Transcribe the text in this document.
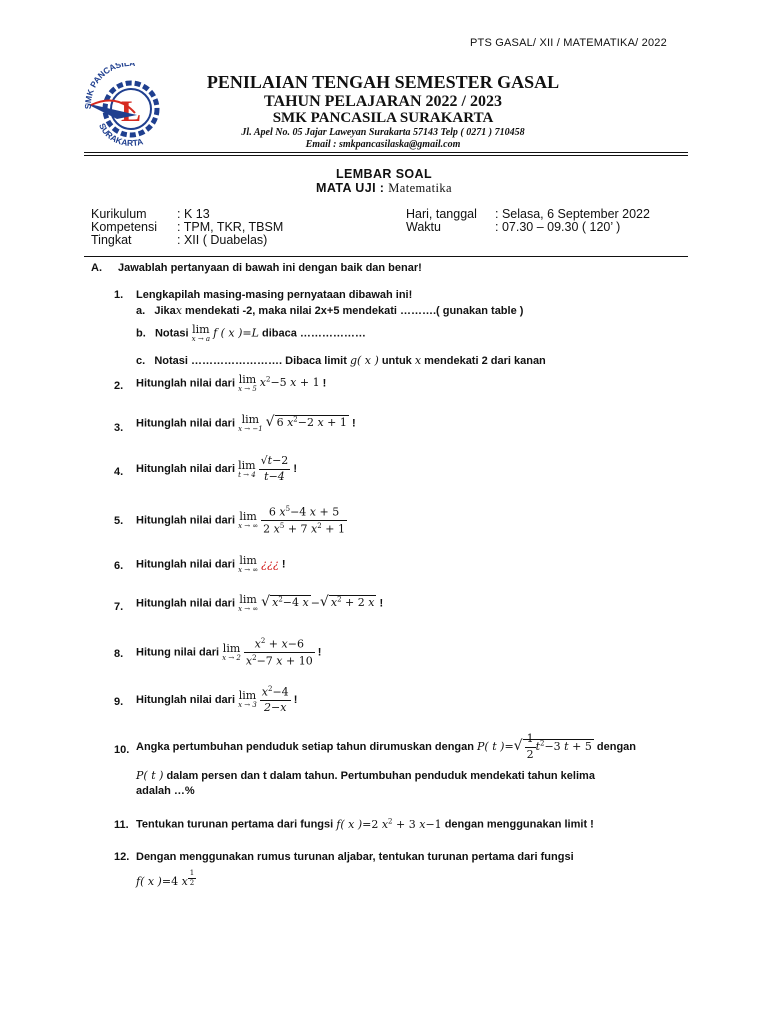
PTS GASAL/ XII / MATEMATIKA/ 2022
L
SMK PANCASIL
SURAKARTA
PENILAIAN TENGAH SEMESTER GASAL
TAHUN PELAJARAN 2022 / 2023
SMK PANCASILA SURAKARTA
Jl. Apel No. 05 Jajar Laweyan Surakarta 57143 Telp ( 0271 ) 710458
Email : smkpancasilaska@gmail.com
LEMBAR SOAL
MATA UJI : Matematika
Kurikulum : K 13
Kompetensi : TPM, TKR, TBSM
Tingkat	: XII ( Duabelas)
Hari, tanggal : Selasa, 6 September 2022
Waktu	: 07.30 – 09.30 ( 120’ )
A. Jawablah pertanyaan di bawah ini dengan baik dan benar!
1. Lengkapilah masing-masing pernyataan dibawah ini!
a. Jikax mendekati -2, maka nilai 2x+5 mendekati ……….( gunakan table )
b. Notasi lim
x → a f ( x )=L dibaca ………………
c. Notasi ……………………. Dibaca limit g( x ) untuk x mendekati 2 dari kanan
2. Hitunglah nilai dari lim
x → 5 $x^2-5$ x + 1 !
3. Hitunglah nilai dari lim
x → −1 √ 6 $x^2-2$ x + 1 !
4. Hitunglah nilai dari lim
$t \to 4 \frac{√t-2}{t-4}$ !
5. Hitunglah nilai dari lim
x → ∞ $\frac{6 x^5-4 x + 5}{2 x^5 + 7 x^2 + 1}$
6. Hitunglah nilai dari lim
x → ∞ ¿¿¿ !
7. Hitunglah nilai dari lim
x → ∞ √ $x^2-4$ x −√ $x^2 + 2$ x !
8. Hitung nilai dari lim
$x \to 2 \frac{x^2 + x-6}{x^2-7 x + 10}$ !
9. Hitunglah nilai dari lim
$x \to 3 \frac{x^2-4}{2-x}$ !
10. Angka pertumbuhan penduduk setiap tahun dirumuskan dengan P( t )=√ $\frac{1}{2} t^2-3$ t + 5 dengan
P( t ) dalam persen dan t dalam tahun. Pertumbuhan penduduk mendekati tahun kelima
adalah …%
11. Tentukan turunan pertama dari fungsi f( x )=2 $x^2 + 3$ x−1 dengan menggunakan limit !
12. Dengan menggunakan rumus turunan aljabar, tentukan turunan pertama dari fungsi
f( x )=4 x $^{\frac{1}{2}}$
